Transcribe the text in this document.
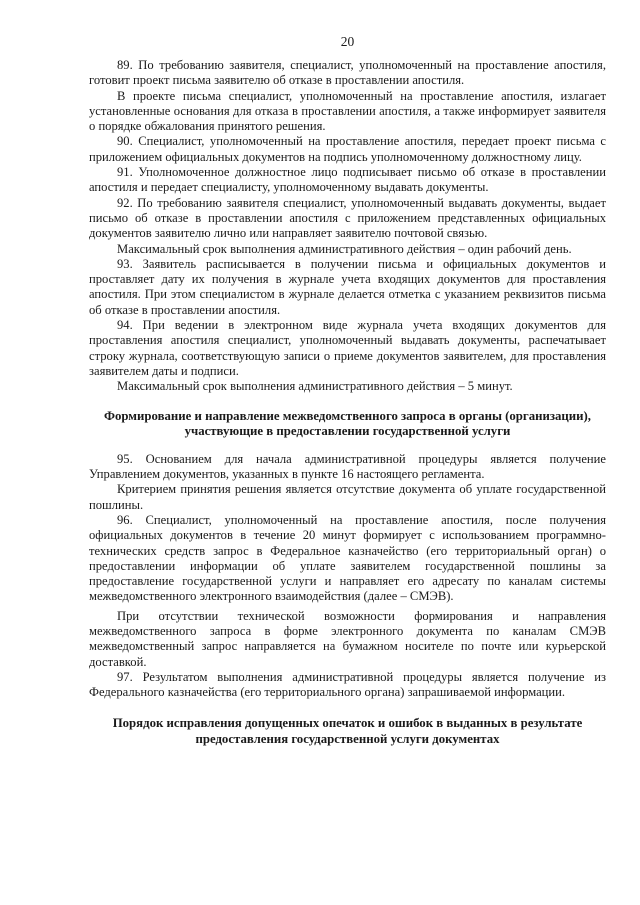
20

89. По требованию заявителя, специалист, уполномоченный на проставление апостиля, готовит проект письма заявителю об отказе в проставлении апостиля.

В проекте письма специалист, уполномоченный на проставление апостиля, излагает установленные основания для отказа в проставлении апостиля, а также информирует заявителя о порядке обжалования принятого решения.

90. Специалист, уполномоченный на проставление апостиля, передает проект письма с приложением официальных документов на подпись уполномоченному должностному лицу.

91. Уполномоченное должностное лицо подписывает письмо об отказе в проставлении апостиля и передает специалисту, уполномоченному выдавать документы.

92. По требованию заявителя специалист, уполномоченный выдавать документы, выдает письмо об отказе в проставлении апостиля с приложением представленных официальных документов заявителю лично или направляет заявителю почтовой связью.

Максимальный срок выполнения административного действия – один рабочий день.

93. Заявитель расписывается в получении письма и официальных документов и проставляет дату их получения в журнале учета входящих документов для проставления апостиля. При этом специалистом в журнале делается отметка с указанием реквизитов письма об отказе в проставлении апостиля.

94. При ведении в электронном виде журнала учета входящих документов для проставления апостиля специалист, уполномоченный выдавать документы, распечатывает строку журнала, соответствующую записи о приеме документов заявителем, для проставления заявителем даты и подписи.

Максимальный срок выполнения административного действия – 5 минут.

Формирование и направление межведомственного запроса в органы (организации), участвующие в предоставлении государственной услуги

95. Основанием для начала административной процедуры является получение Управлением документов, указанных в пункте 16 настоящего регламента.

Критерием принятия решения является отсутствие документа об уплате государственной пошлины.

96. Специалист, уполномоченный на проставление апостиля, после получения официальных документов в течение 20 минут формирует с использованием программно-технических средств запрос в Федеральное казначейство (его территориальный орган) о предоставлении информации об уплате заявителем государственной пошлины за предоставление государственной услуги и направляет его адресату по каналам системы межведомственного электронного взаимодействия (далее – СМЭВ).

При отсутствии технической возможности формирования и направления межведомственного запроса в форме электронного документа по каналам СМЭВ межведомственный запрос направляется на бумажном носителе по почте или курьерской доставкой.

97. Результатом выполнения административной процедуры является получение из Федерального казначейства (его территориального органа) запрашиваемой информации.

Порядок исправления допущенных опечаток и ошибок в выданных в результате предоставления государственной услуги документах
